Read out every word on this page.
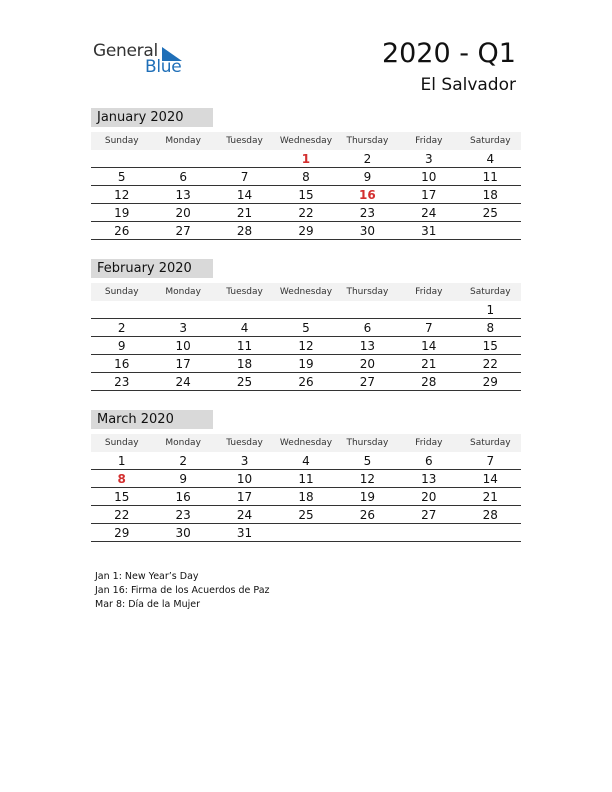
General
Blue	2020 - Q1
El Salvador
January 2020
Sunday	Monday	Tuesday	Wednesday	Thursday	Friday	Saturday
			1	2	3	4
5	6	7	8	9	10	11
12	13	14	15	16	17	18
19	20	21	22	23	24	25
26	27	28	29	30	31	
February 2020
Sunday	Monday	Tuesday	Wednesday	Thursday	Friday	Saturday
						1
2	3	4	5	6	7	8
9	10	11	12	13	14	15
16	17	18	19	20	21	22
23	24	25	26	27	28	29
March 2020
Sunday	Monday	Tuesday	Wednesday	Thursday	Friday	Saturday
1	2	3	4	5	6	7
8	9	10	11	12	13	14
15	16	17	18	19	20	21
22	23	24	25	26	27	28
29	30	31				
Jan 1: New Year’s Day
Jan 16: Firma de los Acuerdos de Paz
Mar 8: Día de la Mujer
